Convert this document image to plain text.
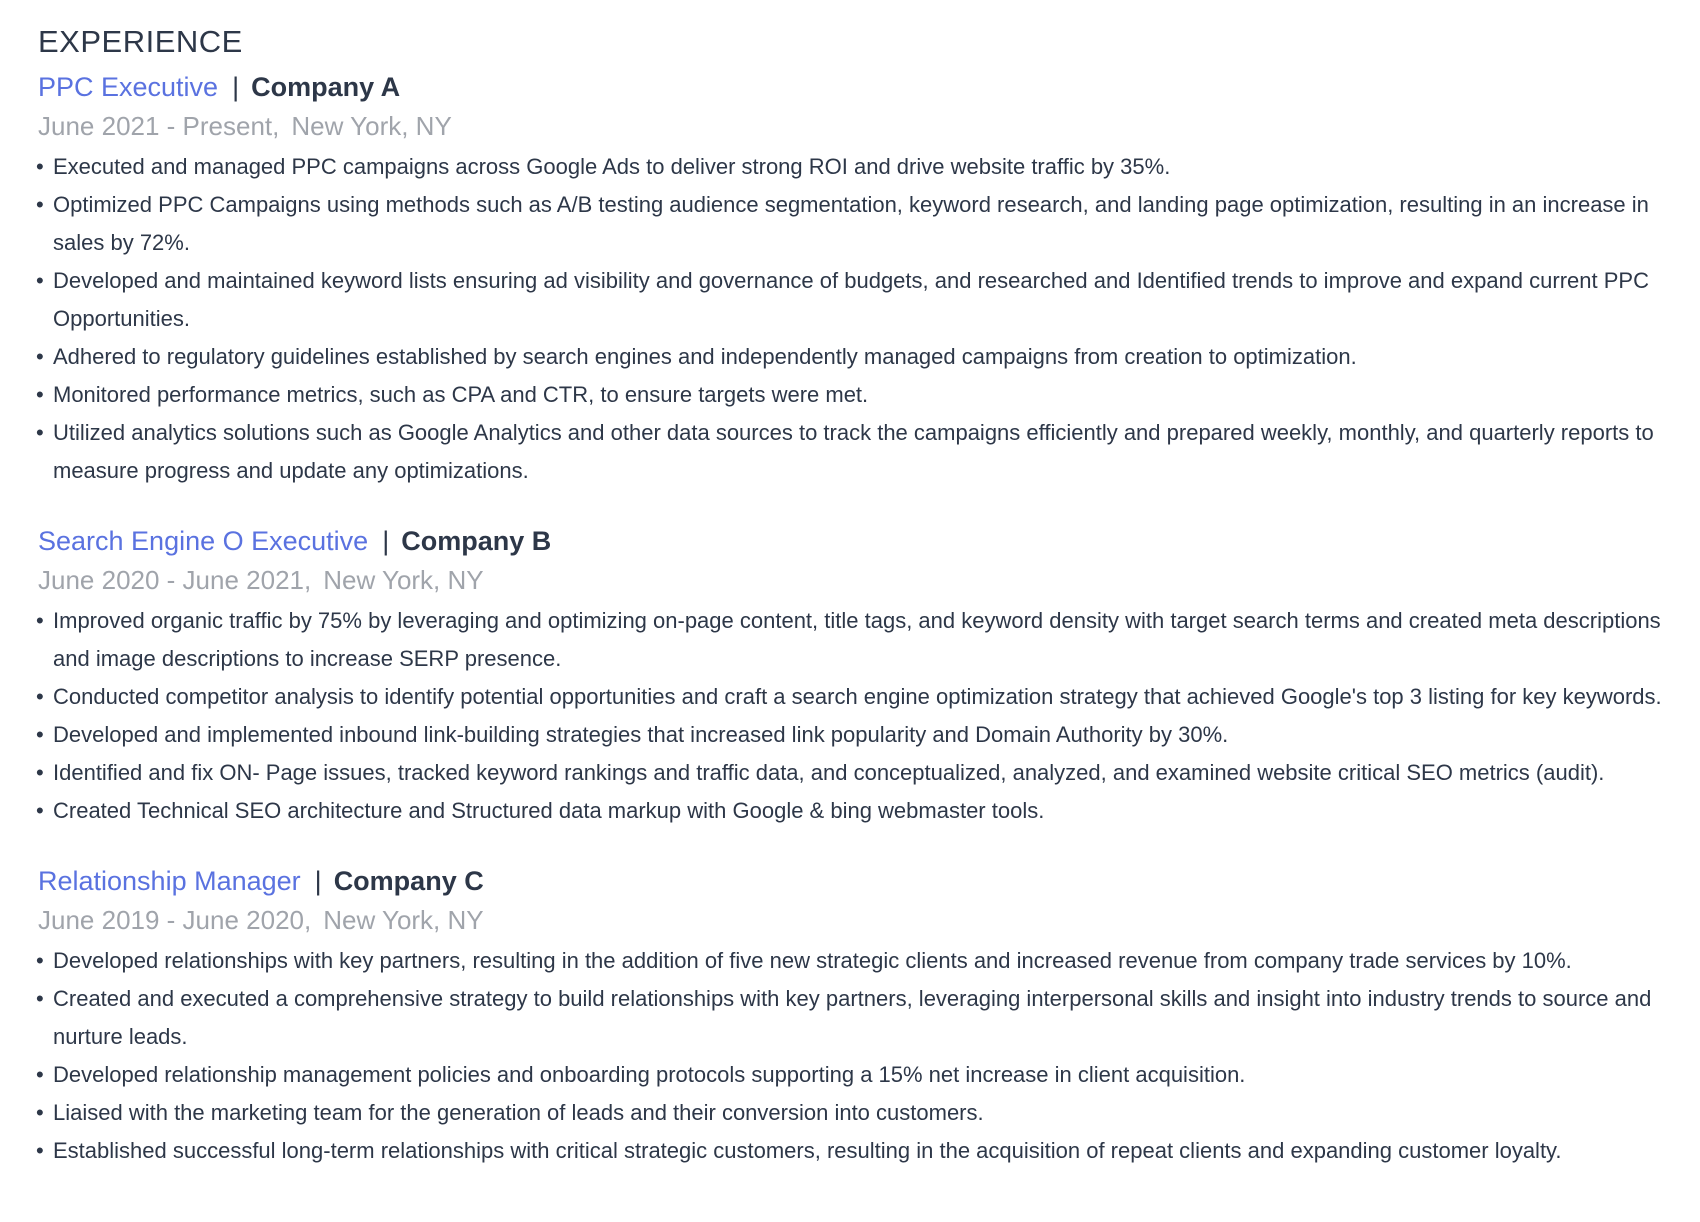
EXPERIENCE
PPC Executive | Company A
June 2021 - Present, New York, NY
• Executed and managed PPC campaigns across Google Ads to deliver strong ROI and drive website traffic by 35%.
• Optimized PPC Campaigns using methods such as A/B testing audience segmentation, keyword research, and landing page optimization, resulting in an increase in sales by 72%.
• Developed and maintained keyword lists ensuring ad visibility and governance of budgets, and researched and Identified trends to improve and expand current PPC Opportunities.
• Adhered to regulatory guidelines established by search engines and independently managed campaigns from creation to optimization.
• Monitored performance metrics, such as CPA and CTR, to ensure targets were met.
• Utilized analytics solutions such as Google Analytics and other data sources to track the campaigns efficiently and prepared weekly, monthly, and quarterly reports to measure progress and update any optimizations.
Search Engine O Executive | Company B
June 2020 - June 2021, New York, NY
• Improved organic traffic by 75% by leveraging and optimizing on-page content, title tags, and keyword density with target search terms and created meta descriptions and image descriptions to increase SERP presence.
• Conducted competitor analysis to identify potential opportunities and craft a search engine optimization strategy that achieved Google's top 3 listing for key keywords.
• Developed and implemented inbound link-building strategies that increased link popularity and Domain Authority by 30%.
• Identified and fix ON- Page issues, tracked keyword rankings and traffic data, and conceptualized, analyzed, and examined website critical SEO metrics (audit).
• Created Technical SEO architecture and Structured data markup with Google & bing webmaster tools.
Relationship Manager | Company C
June 2019 - June 2020, New York, NY
• Developed relationships with key partners, resulting in the addition of five new strategic clients and increased revenue from company trade services by 10%.
• Created and executed a comprehensive strategy to build relationships with key partners, leveraging interpersonal skills and insight into industry trends to source and nurture leads.
• Developed relationship management policies and onboarding protocols supporting a 15% net increase in client acquisition.
• Liaised with the marketing team for the generation of leads and their conversion into customers.
• Established successful long-term relationships with critical strategic customers, resulting in the acquisition of repeat clients and expanding customer loyalty.
